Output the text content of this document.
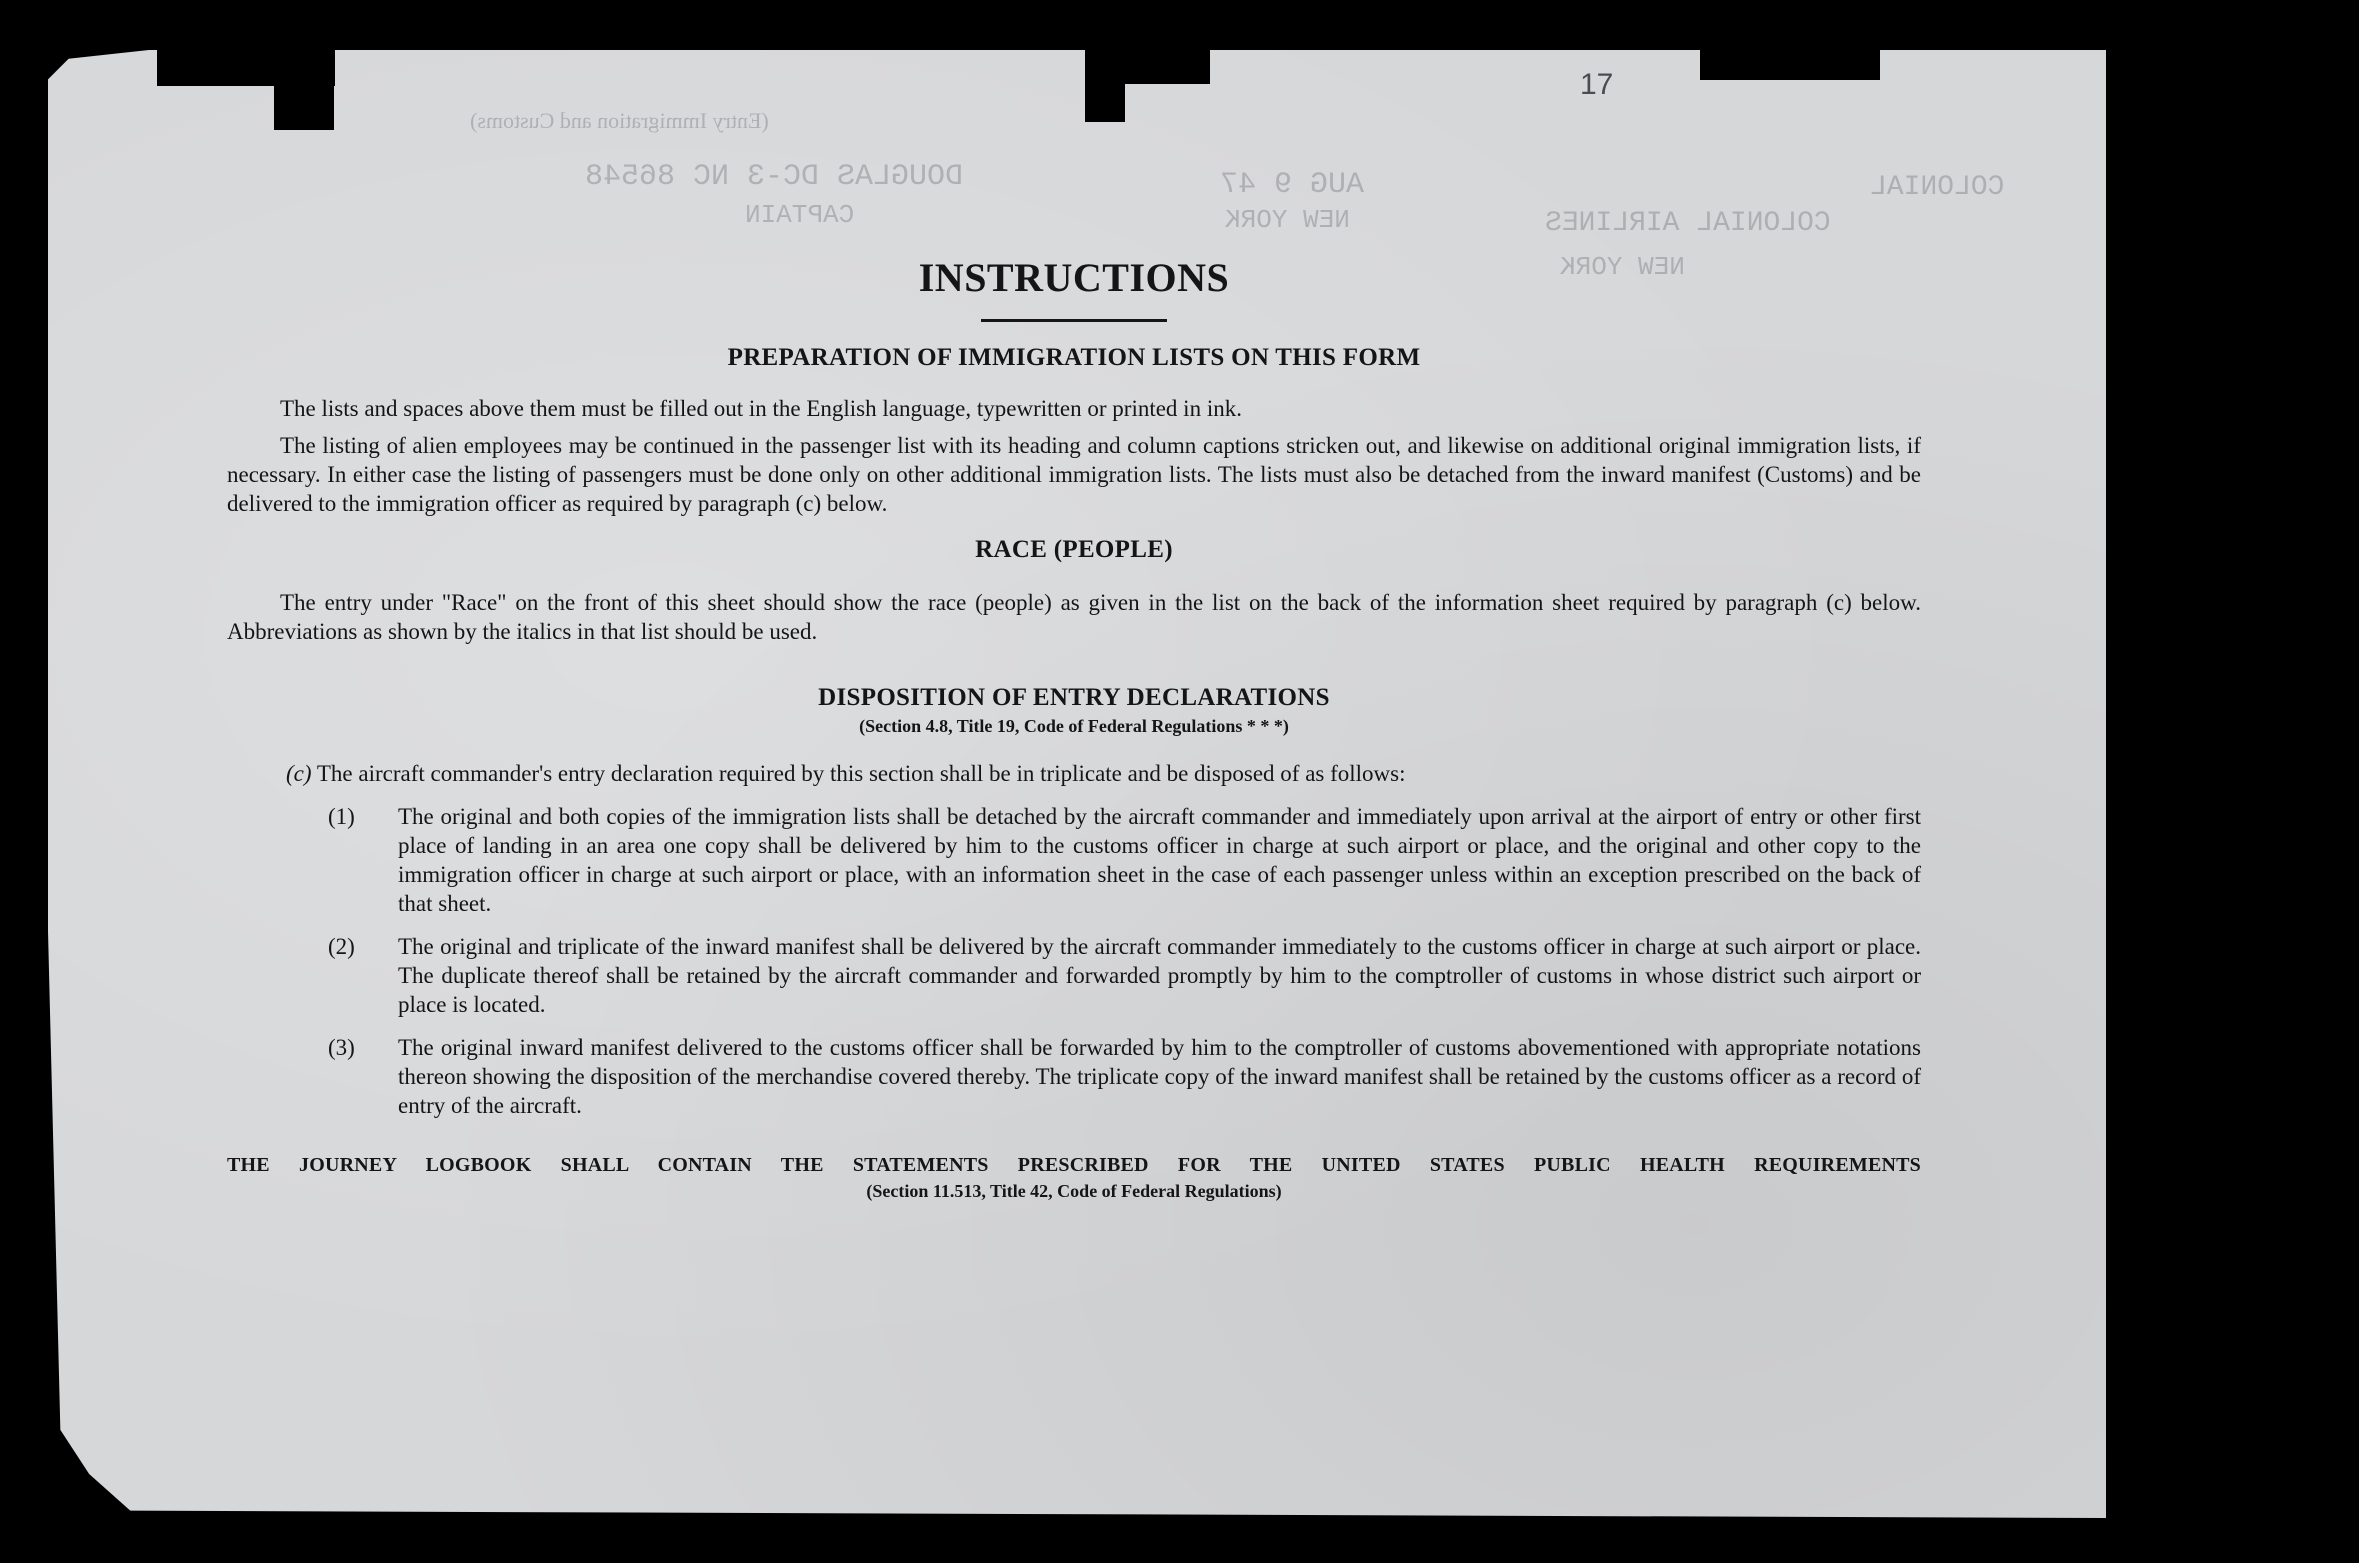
(Entry Immigration and Customs)
DOUGLAS DC-3 NC 86548
CAPTAIN
AUG 9 47
NEW YORK	COLONIAL AIRLINES
NEW YORK
COLONIAL
17
INSTRUCTIONS
PREPARATION OF IMMIGRATION LISTS ON THIS FORM

The lists and spaces above them must be filled out in the English language, typewritten or printed in ink.

The listing of alien employees may be continued in the passenger list with its heading and column captions stricken out, and likewise on additional original immigration lists, if necessary. In either case the listing of passengers must be done only on other additional immigration lists. The lists must also be detached from the inward manifest (Customs) and be delivered to the immigration officer as required by paragraph (c) below.

RACE (PEOPLE)

The entry under "Race" on the front of this sheet should show the race (people) as given in the list on the back of the information sheet required by paragraph (c) below. Abbreviations as shown by the italics in that list should be used.

DISPOSITION OF ENTRY DECLARATIONS
(Section 4.8, Title 19, Code of Federal Regulations * * *)

(c) The aircraft commander's entry declaration required by this section shall be in triplicate and be disposed of as follows:

(1) The original and both copies of the immigration lists shall be detached by the aircraft commander and immediately upon arrival at the airport of entry or other first place of landing in an area one copy shall be delivered by him to the customs officer in charge at such airport or place, and the original and other copy to the immigration officer in charge at such airport or place, with an information sheet in the case of each passenger unless within an exception prescribed on the back of that sheet.

(2) The original and triplicate of the inward manifest shall be delivered by the aircraft commander immediately to the customs officer in charge at such airport or place. The duplicate thereof shall be retained by the aircraft commander and forwarded promptly by him to the comptroller of customs in whose district such airport or place is located.

(3) The original inward manifest delivered to the customs officer shall be forwarded by him to the comptroller of customs abovementioned with appropriate notations thereon showing the disposition of the merchandise covered thereby. The triplicate copy of the inward manifest shall be retained by the customs officer as a record of entry of the aircraft.

THE JOURNEY LOGBOOK SHALL CONTAIN THE STATEMENTS PRESCRIBED FOR THE UNITED STATES PUBLIC HEALTH REQUIREMENTS
(Section 11.513, Title 42, Code of Federal Regulations)
